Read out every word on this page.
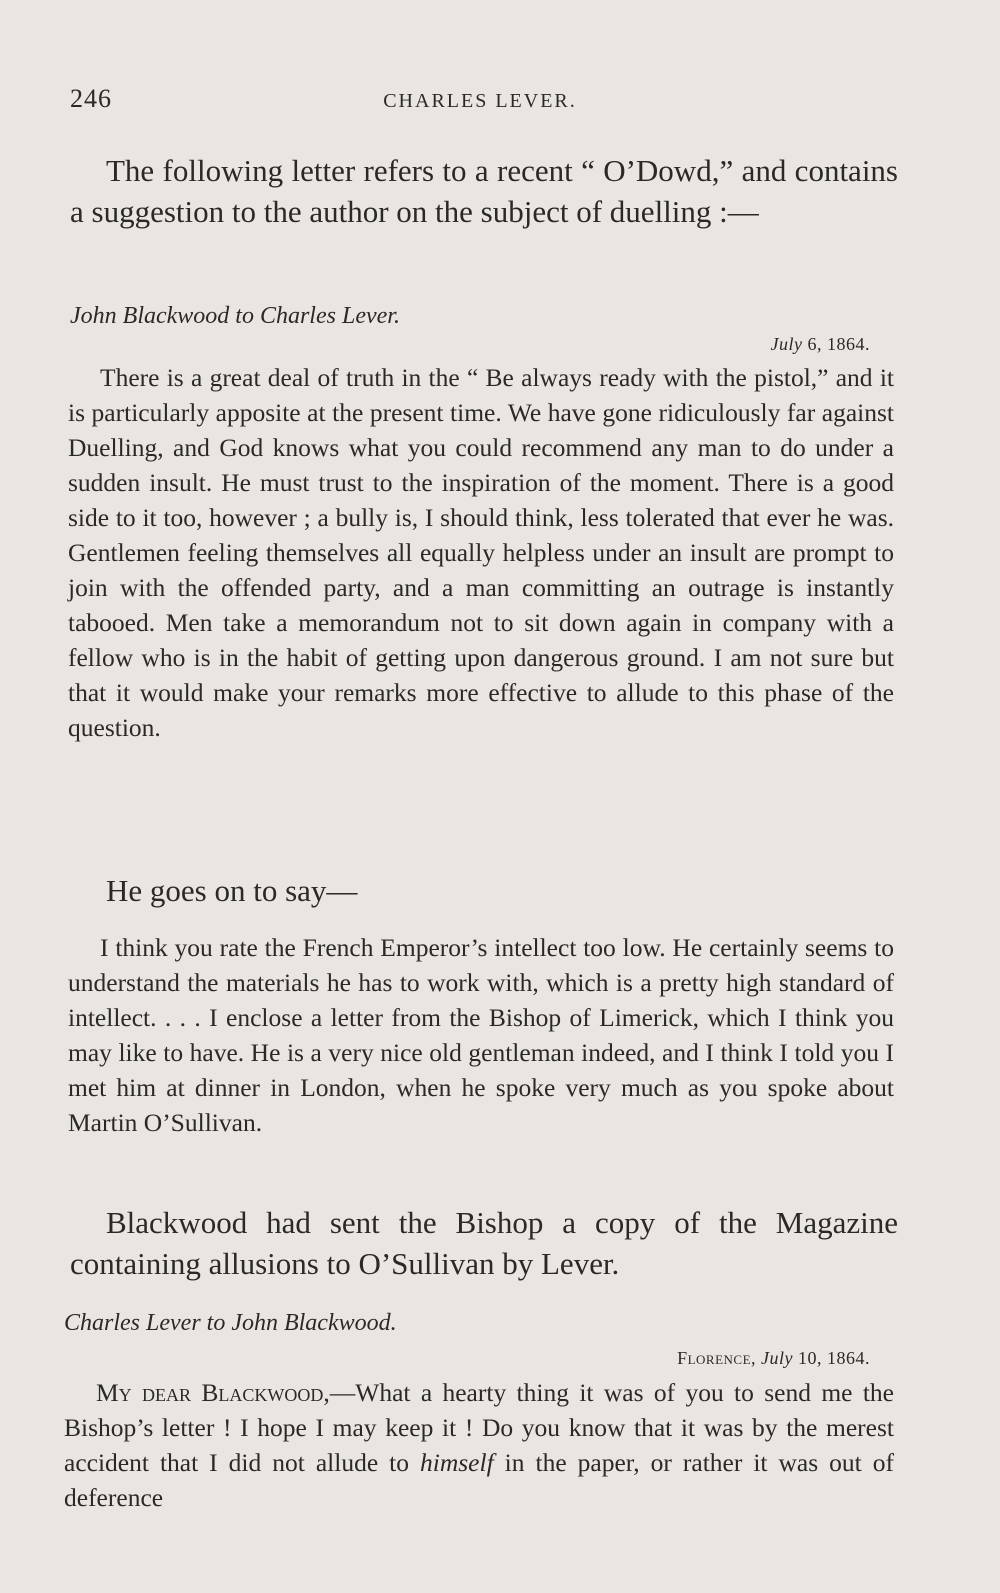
246	CHARLES LEVER.
The following letter refers to a recent “ O’Dowd,” and contains a suggestion to the author on the subject of duelling :—
John Blackwood to Charles Lever.
July 6, 1864.
There is a great deal of truth in the “ Be always ready with the pistol,” and it is particularly apposite at the present time. We have gone ridiculously far against Duelling, and God knows what you could recommend any man to do under a sudden insult. He must trust to the inspiration of the moment. There is a good side to it too, however ; a bully is, I should think, less tolerated that ever he was. Gentlemen feeling themselves all equally helpless under an insult are prompt to join with the offended party, and a man committing an outrage is instantly tabooed. Men take a memorandum not to sit down again in company with a fellow who is in the habit of getting upon dangerous ground. I am not sure but that it would make your remarks more effective to allude to this phase of the question.
He goes on to say—
I think you rate the French Emperor’s intellect too low. He certainly seems to understand the materials he has to work with, which is a pretty high standard of intellect. . . . I enclose a letter from the Bishop of Limerick, which I think you may like to have. He is a very nice old gentleman indeed, and I think I told you I met him at dinner in London, when he spoke very much as you spoke about Martin O’Sullivan.
Blackwood had sent the Bishop a copy of the Magazine containing allusions to O’Sullivan by Lever.
Charles Lever to John Blackwood.
Florence, July 10, 1864.
My dear Blackwood,—What a hearty thing it was of you to send me the Bishop’s letter ! I hope I may keep it ! Do you know that it was by the merest accident that I did not allude to himself in the paper, or rather it was out of deference
